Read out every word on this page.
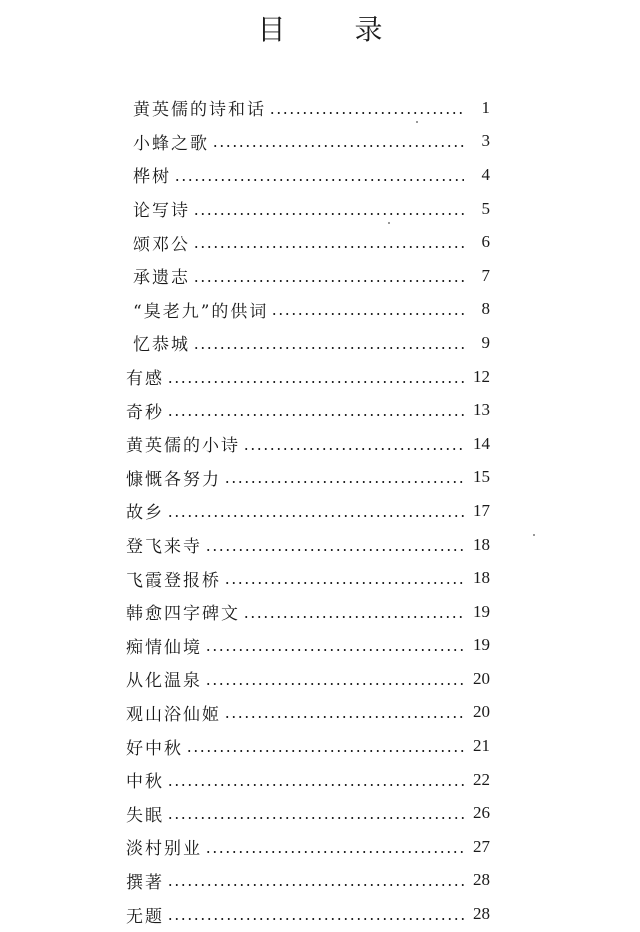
目 录
黄英儒的诗和话	1
小蜂之歌	3
桦树	4
论写诗	5
颂邓公	6
承遗志	7
“臭老九”的供词	8
忆恭城	9
有感	12
奇秒	13
黄英儒的小诗	14
慷慨各努力	15
故乡	17
登飞来寺	18
飞霞登报桥	18
韩愈四字碑文	19
痴情仙境	19
从化温泉	20
观山浴仙姬	20
好中秋	21
中秋	22
失眠	26
淡村别业	27
撰著	28
无题	28
